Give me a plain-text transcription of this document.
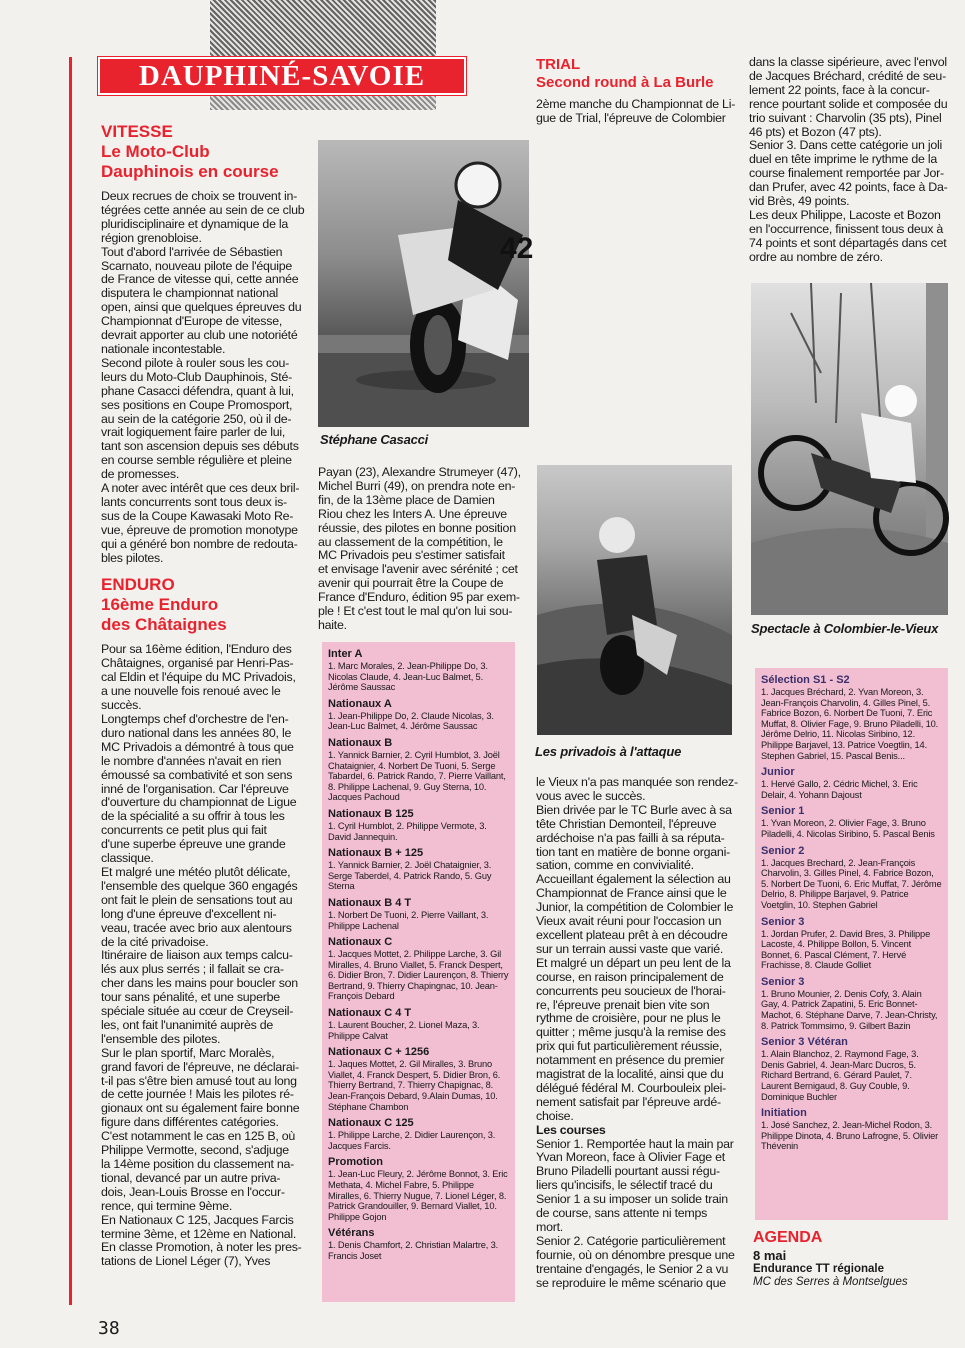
DAUPHINÉ-SAVOIE
VITESSE
Le Moto-Club
Dauphinois en course

Deux recrues de choix se trouvent in-
tégrées cette année au sein de ce club
pluridisciplinaire et dynamique de la
région grenobloise.
Tout d'abord l'arrivée de Sébastien
Scarnato, nouveau pilote de l'équipe
de France de vitesse qui, cette année
disputera le championnat national
open, ainsi que quelques épreuves du
Championnat d'Europe de vitesse,
devrait apporter au club une notoriété
nationale incontestable.
Second pilote à rouler sous les cou-
leurs du Moto-Club Dauphinois, Sté-
phane Casacci défendra, quant à lui,
ses positions en Coupe Promosport,
au sein de la catégorie 250, où il de-
vrait logiquement faire parler de lui,
tant son ascension depuis ses débuts
en course semble régulière et pleine
de promesses.
A noter avec intérêt que ces deux bril-
lants concurrents sont tous deux is-
sus de la Coupe Kawasaki Moto Re-
vue, épreuve de promotion monotype
qui a généré bon nombre de redouta-
bles pilotes.

ENDURO
16ème Enduro
des Châtaignes

Pour sa 16ème édition, l'Enduro des
Châtaignes, organisé par Henri-Pas-
cal Eldin et l'équipe du MC Privadois,
a une nouvelle fois renoué avec le
succès.
Longtemps chef d'orchestre de l'en-
duro national dans les années 80, le
MC Privadois a démontré à tous que
le nombre d'années n'avait en rien
émoussé sa combativité et son sens
inné de l'organisation. Car l'épreuve
d'ouverture du championnat de Ligue
de la spécialité a su offrir à tous les
concurrents ce petit plus qui fait
d'une superbe épreuve une grande
classique.
Et malgré une météo plutôt délicate,
l'ensemble des quelque 360 engagés
ont fait le plein de sensations tout au
long d'une épreuve d'excellent ni-
veau, tracée avec brio aux alentours
de la cité privadoise.
Itinéraire de liaison aux temps calcu-
lés aux plus serrés ; il fallait se cra-
cher dans les mains pour boucler son
tour sans pénalité, et une superbe
spéciale située au cœur de Creyseil-
les, ont fait l'unanimité auprès de
l'ensemble des pilotes.
Sur le plan sportif, Marc Moralès,
grand favori de l'épreuve, ne déclarai-
t-il pas s'être bien amusé tout au long
de cette journée ! Mais les pilotes ré-
gionaux ont su également faire bonne
figure dans différentes catégories.
C'est notamment le cas en 125 B, où
Philippe Vermotte, second, s'adjuge
la 14ème position du classement na-
tional, devancé par un autre priva-
dois, Jean-Louis Brosse en l'occur-
rence, qui termine 9ème.
En Nationaux C 125, Jacques Farcis
termine 3ème, et 12ème en National.
En classe Promotion, à noter les pres-
tations de Lionel Léger (7), Yves

42
Stéphane Casacci

Payan (23), Alexandre Strumeyer (47),
Michel Burri (49), on prendra note en-
fin, de la 13ème place de Damien
Riou chez les Inters A. Une épreuve
réussie, des pilotes en bonne position
au classement de la compétition, le
MC Privadois peu s'estimer satisfait
et envisage l'avenir avec sérénité ; cet
avenir qui pourrait être la Coupe de
France d'Enduro, édition 95 par exem-
ple ! Et c'est tout le mal qu'on lui sou-
haite.

Inter A

1. Marc Morales, 2. Jean-Philippe Do, 3. Nicolas Claude, 4. Jean-Luc Balmet, 5. Jérôme Saussac

Nationaux A

1. Jean-Philippe Do, 2. Claude Nicolas, 3. Jean-Luc Balmet, 4. Jérôme Saussac

Nationaux B

1. Yannick Barnier, 2. Cyril Humblot, 3. Joël Chataignier, 4. Norbert De Tuoni, 5. Serge Tabardel, 6. Patrick Rando, 7. Pierre Vaillant, 8. Philippe Lachenal, 9. Guy Sterna, 10. Jacques Pachoud

Nationaux B 125

1. Cyril Humblot, 2. Philippe Vermote, 3. David Jannequin.

Nationaux B + 125

1. Yannick Barnier, 2. Joël Chataignier, 3. Serge Taberdel, 4. Patrick Rando, 5. Guy Sterna

Nationaux B 4 T

1. Norbert De Tuoni, 2. Pierre Vaillant, 3. Philippe Lachenal

Nationaux C

1. Jacques Mottet, 2. Philippe Larche, 3. Gil Miralles, 4. Bruno Viallet, 5. Franck Despert, 6. Didier Bron, 7. Didier Laurençon, 8. Thierry Bertrand, 9. Thierry Chapingnac, 10. Jean-François Debard

Nationaux C 4 T

1. Laurent Boucher, 2. Lionel Maza, 3. Philippe Calvat

Nationaux C + 1256

1. Jaques Mottet, 2. Gil Miralles, 3. Bruno Viallet, 4. Franck Despert, 5. Didier Bron, 6. Thierry Bertrand, 7. Thierry Chapignac, 8. Jean-François Debard, 9.Alain Dumas, 10. Stéphane Chambon

Nationaux C 125

1. Philippe Larche, 2. Didier Laurençon, 3. Jacques Farcis.

Promotion

1. Jean-Luc Fleury, 2. Jérôme Bonnot, 3. Eric Methata, 4. Michel Fabre, 5. Philippe Miralles, 6. Thierry Nugue, 7. Lionel Léger, 8. Patrick Grandouiller, 9. Bernard Viallet, 10. Philippe Gojon

Vétérans

1. Denis Chamfort, 2. Christian Malartre, 3. Francis Joset

TRIAL
Second round à La Burle

2ème manche du Championnat de Li-
gue de Trial, l'épreuve de Colombier

Les privadois à l'attaque

le Vieux n'a pas manquée son rendez-
vous avec le succès.
Bien drivée par le TC Burle avec à sa
tête Christian Demonteil, l'épreuve
ardéchoise n'a pas failli à sa réputa-
tion tant en matière de bonne organi-
sation, comme en convivialité.
Accueillant également la sélection au
Championnat de France ainsi que le
Junior, la compétition de Colombier le
Vieux avait réuni pour l'occasion un
excellent plateau prêt à en découdre
sur un terrain aussi vaste que varié.
Et malgré un départ un peu lent de la
course, en raison principalement de
concurrents peu soucieux de l'horai-
re, l'épreuve prenait bien vite son
rythme de croisière, pour ne plus le
quitter ; même jusqu'à la remise des
prix qui fut particulièrement réussie,
notamment en présence du premier
magistrat de la localité, ainsi que du
délégué fédéral M. Courbouleix plei-
nement satisfait par l'épreuve ardé-
choise.

Les courses

Senior 1. Remportée haut la main par
Yvan Moreon, face à Olivier Fage et
Bruno Piladelli pourtant aussi régu-
liers qu'incisifs, le sélectif tracé du
Senior 1 a su imposer un solide train
de course, sans attente ni temps
mort.
Senior 2. Catégorie particulièrement
fournie, où on dénombre presque une
trentaine d'engagés, le Senior 2 a vu
se reproduire le même scénario que

dans la classe sipérieure, avec l'envol
de Jacques Bréchard, crédité de seu-
lement 22 points, face à la concur-
rence pourtant solide et composée du
trio suivant : Charvolin (35 pts), Pinel
46 pts) et Bozon (47 pts).
Senior 3. Dans cette catégorie un joli
duel en tête imprime le rythme de la
course finalement remportée par Jor-
dan Prufer, avec 42 points, face à Da-
vid Brès, 49 points.
Les deux Philippe, Lacoste et Bozon
en l'occurrence, finissent tous deux à
74 points et sont départagés dans cet
ordre au nombre de zéro.

Spectacle à Colombier-le-Vieux

Sélection S1 - S2

1. Jacques Bréchard, 2. Yvan Moreon, 3. Jean-François Charvolin, 4. Gilles Pinel, 5. Fabrice Bozon, 6. Norbert De Tuoni, 7. Eric Muffat, 8. Olivier Fage, 9. Bruno Piladelli, 10. Jérôme Delrio, 11. Nicolas Siribino, 12. Philippe Barjavel, 13. Patrice Voegtlin, 14. Stephen Gabriel, 15. Pascal Benis...

Junior

1. Hervé Gallo, 2. Cédric Michel, 3. Eric Delair, 4. Yohann Dajoust

Senior 1

1. Yvan Moreon, 2. Olivier Fage, 3. Bruno Piladelli, 4. Nicolas Siribino, 5. Pascal Benis

Senior 2

1. Jacques Brechard, 2. Jean-François Charvolin, 3. Gilles Pinel, 4. Fabrice Bozon, 5. Norbert De Tuoni, 6. Eric Muffat, 7. Jérôme Delrio, 8. Philippe Barjavel, 9. Patrice Voetglin, 10. Stephen Gabriel

Senior 3

1. Jordan Prufer, 2. David Bres, 3. Philippe Lacoste, 4. Philippe Bollon, 5. Vincent Bonnet, 6. Pascal Clément, 7. Hervé Frachisse, 8. Claude Golliet

Senior 3

1. Bruno Mounier, 2. Denis Cofy, 3. Alain Gay, 4. Patrick Zapatini, 5. Eric Bonnet-Machot, 6. Stéphane Darve, 7. Jean-Christy, 8. Patrick Tommsimo, 9. Gilbert Bazin

Senior 3 Vétéran

1. Alain Blanchoz, 2. Raymond Fage, 3. Denis Gabriel, 4. Jean-Marc Ducros, 5. Richard Bertrand, 6. Gérard Paulet, 7. Laurent Bernigaud, 8. Guy Couble, 9. Dominique Buchler

Initiation

1. José Sanchez, 2. Jean-Michel Rodon, 3. Philippe Dinota, 4. Bruno Lafrogne, 5. Olivier Thévenin

AGENDA
8 mai
Endurance TT régionale
MC des Serres à Montselgues
38
